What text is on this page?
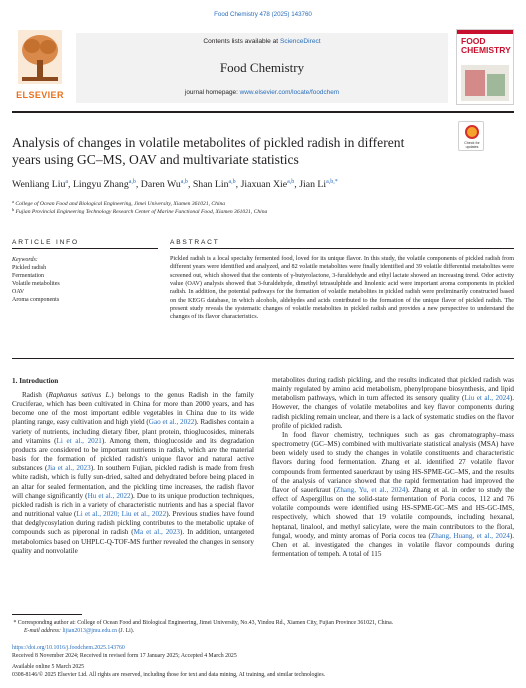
Food Chemistry 478 (2025) 143760
ELSEVIER
Contents lists available at ScienceDirect
Food Chemistry
journal homepage: www.elsevier.com/locate/foodchem
FOOD
CHEMISTRY
Check for updates
Analysis of changes in volatile metabolites of pickled radish in different years using GC–MS, OAV and multivariate statistics
Wenliang Liu$^a$, Lingyu Zhang$^{a,b}$, Daren Wu$^{a,b}$, Shan Lin$^{a,b}$, Jiaxuan Xie$^{a,b}$, Jian $Li^{a,b,*}$
$^a$ College of Ocean Food and Biological Engineering, Jimei University, Xiamen 361021, China
$^b$ Fujian Provincial Engineering Technology Research Center of Marine Functional Food, Xiamen 361021, China
ARTICLE INFO	ABSTRACT
Keywords:
Pickled radish
Fermentation
Volatile metabolites
OAV
Aroma components
Pickled radish is a local specialty fermented food, loved for its unique flavor. In this study, the volatile components of pickled radish from different years were identified and analyzed, and 82 volatile metabolites were finally identified and 39 volatile differential metabolites were screened out, which showed that the contents of γ-butyrolactone, 3-furaldehyde and ethyl lactate showed an increasing trend. Odor activity value (OAV) analysis showed that 3-furaldehyde, dimethyl tetrasulphide and linolenic acid were important aroma components in pickled radish. In addition, the potential pathways for the formation of volatile metabolites in pickled radish were preliminarily constructed based on the KEGG database, in which alcohols, aldehydes and acids contributed to the formation of the unique flavor of pickled radish. The present study reveals the systematic changes of volatile metabolites in pickled radish and provides a new perspective to understand the changes of its flavor characteristics.
1. Introduction

Radish (Raphanus sativus L.) belongs to the genus Radish in the family Cruciferae, which has been cultivated in China for more than 2000 years, and has become one of the most important edible vegetables in China due to its wide planting range, easy cultivation and high yield (Gao et al., 2022). Radishes contain a variety of nutrients, including dietary fiber, plant protein, thioglucosides, minerals and vitamins (Li et al., 2021). Among them, thioglucoside and its degradation products are considered to be important nutrients in radish, which are the material basis for the formation of pickled radish's unique flavor and natural active substances (Jia et al., 2023). In southern Fujian, pickled radish is made from fresh white radish, which is fully sun-dried, salted and dehydrated before being placed in an altar for sealed fermentation, and the pickling time increases, the radish flavor will change significantly (Hu et al., 2022). Due to its unique production techniques, pickled radish is rich in a variety of characteristic nutrients and has a special flavor and nutritional value (Li et al., 2020; Liu et al., 2022). Previous studies have found that dedglycosylation during radish pickling contributes to the metabolic uptake of compounds such as piperonal in radish (Ma et al., 2023). In addition, untargeted metabolomics based on UHPLC-Q-TOF-MS further revealed the changes in sensory quality and nonvolatile

metabolites during radish pickling, and the results indicated that pickled radish was mainly regulated by amino acid metabolism, phenylpropane biosynthesis, and lipid metabolism pathways, which in turn affected its sensory quality (Liu et al., 2024). However, the changes of volatile metabolites and key flavor components during radish pickling remain unclear, and there is a lack of systematic studies on the flavor profile of pickled radish.

In food flavor chemistry, techniques such as gas chromatography–mass spectrometry (GC–MS) combined with multivariate statistical analysis (MSA) have been widely used to study the changes in volatile constituents and characteristic flavors during food fermentation. Zhang et al. identified 27 volatile flavor compounds from fermented sauerkraut by using HS-SPME-GC–MS, and the results of the analysis of variance showed that the rapid fermentation had improved the flavor of sauerkraut (Zhang, Yu, et al., 2024). Zhang et al. in order to study the effect of Aspergillus on the solid-state fermentation of Poria cocos, 112 and 76 volatile compounds were identified using HS-SPME-GC–MS and HS-GC-IMS, respectively, which showed that 19 volatile compounds, including hexanal, heptanal, linalool, and methyl salicylate, were the main contributors to the floral, fungal, woody, and minty aromas of Poria cocos tea (Zhang, Huang, et al., 2024). Chen et al. investigated the changes in volatile flavor compounds during fermentation of tempeh. A total of 115

* Corresponding author at: College of Ocean Food and Biological Engineering, Jimei University, No.43, Yindou Rd., Xiamen City, Fujian Province 361021, China.
E-mail address: lijian2013@jmu.edu.cn (J. Li).
https://doi.org/10.1016/j.foodchem.2025.143760
Received 8 November 2024; Received in revised form 17 January 2025; Accepted 4 March 2025
Available online 5 March 2025
0308-8146/© 2025 Elsevier Ltd. All rights are reserved, including those for text and data mining, AI training, and similar technologies.
